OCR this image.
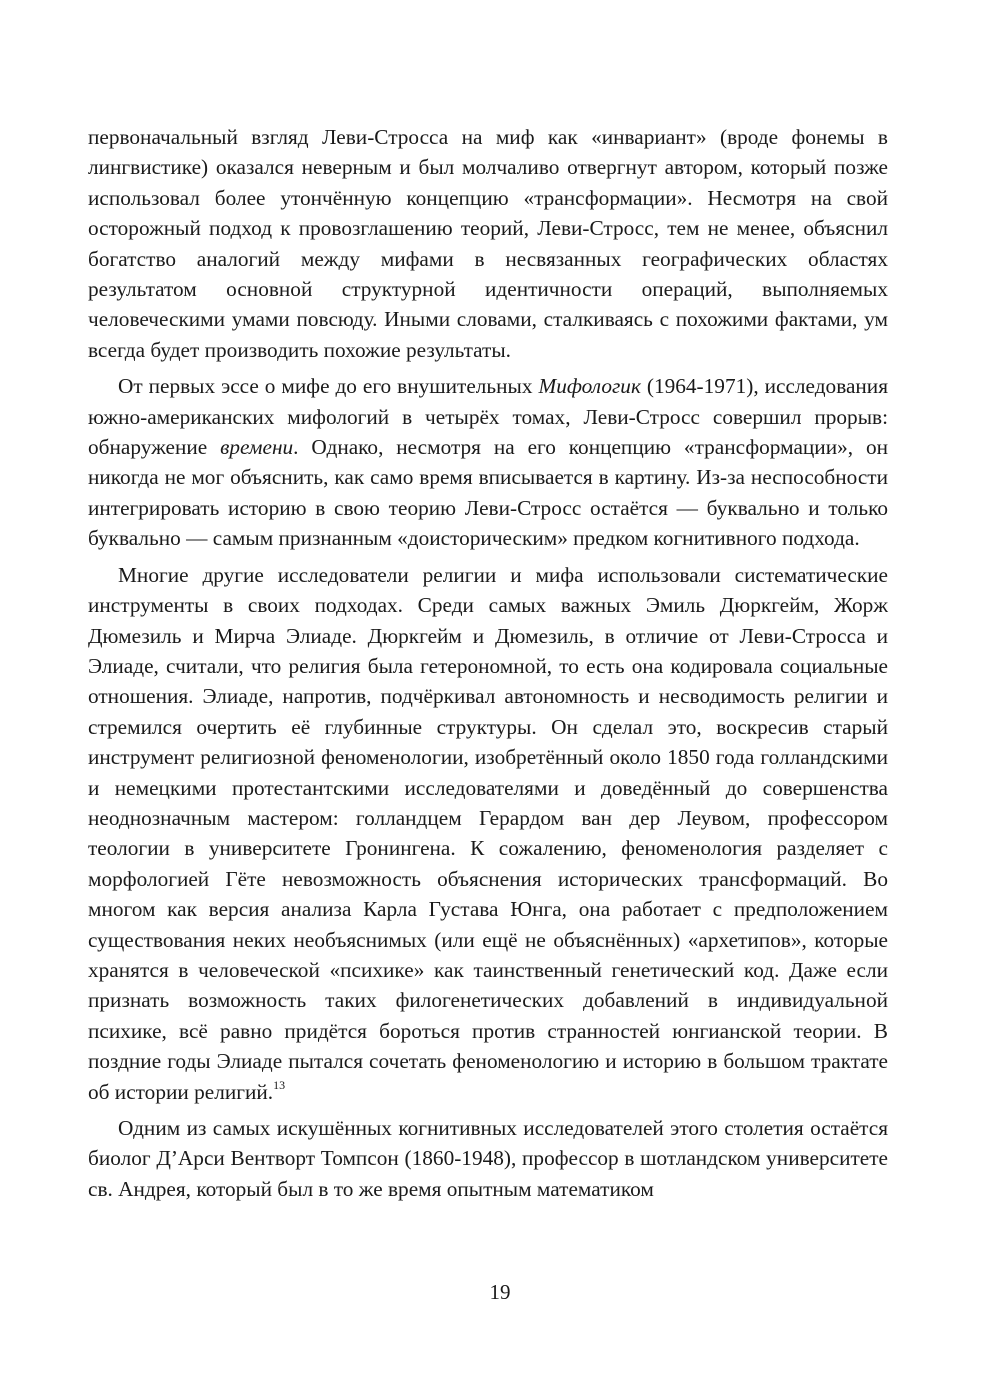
первоначальный взгляд Леви-Стросса на миф как «инвариант» (вроде фонемы в лингвистике) оказался неверным и был молчаливо отвергнут автором, который позже использовал более утончённую концепцию «трансформации». Несмотря на свой осторожный подход к провозглашению теорий, Леви-Стросс, тем не менее, объяснил богатство аналогий между мифами в несвязанных географических областях результатом основной структурной идентичности операций, выполняемых человеческими умами повсюду. Иными словами, сталкиваясь с похожими фактами, ум всегда будет производить похожие результаты.

От первых эссе о мифе до его внушительных Мифологик (1964-1971), исследования южно-американских мифологий в четырёх томах, Леви-Стросс совершил прорыв: обнаружение времени. Однако, несмотря на его концепцию «трансформации», он никогда не мог объяснить, как само время вписывается в картину. Из-за неспособности интегрировать историю в свою теорию Леви-Стросс остаётся — буквально и только буквально — самым признанным «доисторическим» предком когнитивного подхода.

Многие другие исследователи религии и мифа использовали систематические инструменты в своих подходах. Среди самых важных Эмиль Дюркгейм, Жорж Дюмезиль и Мирча Элиаде. Дюркгейм и Дюмезиль, в отличие от Леви-Стросса и Элиаде, считали, что религия была гетерономной, то есть она кодировала социальные отношения. Элиаде, напротив, подчёркивал автономность и несводимость религии и стремился очертить её глубинные структуры. Он сделал это, воскресив старый инструмент религиозной феноменологии, изобретённый около 1850 года голландскими и немецкими протестантскими исследователями и доведённый до совершенства неоднозначным мастером: голландцем Герардом ван дер Леувом, профессором теологии в университете Гронингена. К сожалению, феноменология разделяет с морфологией Гёте невозможность объяснения исторических трансформаций. Во многом как версия анализа Карла Густава Юнга, она работает с предположением существования неких необъяснимых (или ещё не объяснённых) «архетипов», которые хранятся в человеческой «психике» как таинственный генетический код. Даже если признать возможность таких филогенетических добавлений в индивидуальной психике, всё равно придётся бороться против странностей юнгианской теории. В поздние годы Элиаде пытался сочетать феноменологию и историю в большом трактате об истории религий.$^{13}$

Одним из самых искушённых когнитивных исследователей этого столетия остаётся биолог Д’Арси Вентворт Томпсон (1860-1948), профессор в шотландском университете св. Андрея, который был в то же время опытным математиком

19
